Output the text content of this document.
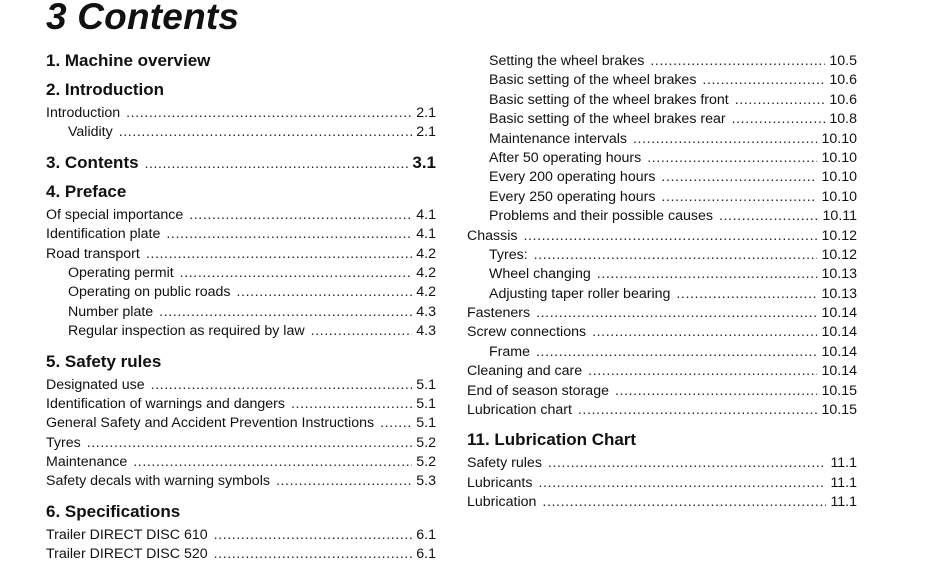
3 Contents
1. Machine overview
2. Introduction
Introduction .....	2.1
Validity .....	2.1
3. Contents .....	3.1
4. Preface
Of special importance .....	4.1
Identification plate .....	4.1
Road transport .....	4.2
Operating permit .....	4.2
Operating on public roads .....	4.2
Number plate .....	4.3
Regular inspection as required by law .....	4.3
5. Safety rules
Designated use .....	5.1
Identification of warnings and dangers .....	5.1
General Safety and Accident Prevention Instructions .....	5.1
Tyres .....	5.2
Maintenance .....	5.2
Safety decals with warning symbols .....	5.3
6. Specifications
Trailer DIRECT DISC 610 .....	6.1
Trailer DIRECT DISC 520 .....	6.1
Setting the wheel brakes .....	10.5
Basic setting of the wheel brakes .....	10.6
Basic setting of the wheel brakes front .....	10.6
Basic setting of the wheel brakes rear .....	10.8
Maintenance intervals .....	10.10
After 50 operating hours .....	10.10
Every 200 operating hours .....	10.10
Every 250 operating hours .....	10.10
Problems and their possible causes .....	10.11
Chassis .....	10.12
Tyres: .....	10.12
Wheel changing .....	10.13
Adjusting taper roller bearing .....	10.13
Fasteners .....	10.14
Screw connections .....	10.14
Frame .....	10.14
Cleaning and care .....	10.14
End of season storage .....	10.15
Lubrication chart .....	10.15
11. Lubrication Chart
Safety rules .....	11.1
Lubricants .....	11.1
Lubrication .....	11.1
